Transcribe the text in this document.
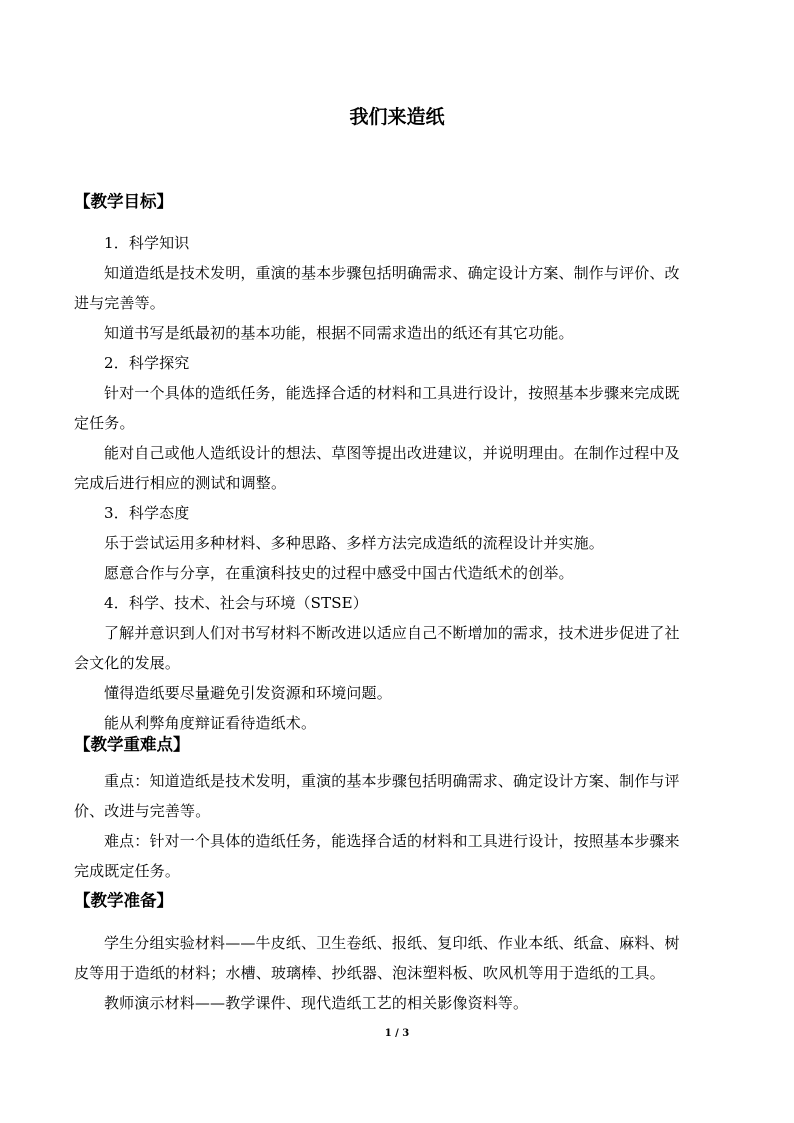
我们来造纸
【教学目标】
1．科学知识
知道造纸是技术发明，重演的基本步骤包括明确需求、确定设计方案、制作与评价、改
进与完善等。
知道书写是纸最初的基本功能，根据不同需求造出的纸还有其它功能。
2．科学探究
针对一个具体的造纸任务，能选择合适的材料和工具进行设计，按照基本步骤来完成既
定任务。
能对自己或他人造纸设计的想法、草图等提出改进建议，并说明理由。在制作过程中及
完成后进行相应的测试和调整。
3．科学态度
乐于尝试运用多种材料、多种思路、多样方法完成造纸的流程设计并实施。
愿意合作与分享，在重演科技史的过程中感受中国古代造纸术的创举。
4．科学、技术、社会与环境（STSE）
了解并意识到人们对书写材料不断改进以适应自己不断增加的需求，技术进步促进了社
会文化的发展。
懂得造纸要尽量避免引发资源和环境问题。
能从利弊角度辩证看待造纸术。
【教学重难点】
重点：知道造纸是技术发明，重演的基本步骤包括明确需求、确定设计方案、制作与评
价、改进与完善等。
难点：针对一个具体的造纸任务，能选择合适的材料和工具进行设计，按照基本步骤来
完成既定任务。
【教学准备】
学生分组实验材料——牛皮纸、卫生卷纸、报纸、复印纸、作业本纸、纸盒、麻料、树
皮等用于造纸的材料；水槽、玻璃棒、抄纸器、泡沫塑料板、吹风机等用于造纸的工具。
教师演示材料——教学课件、现代造纸工艺的相关影像资料等。
1 / 3
